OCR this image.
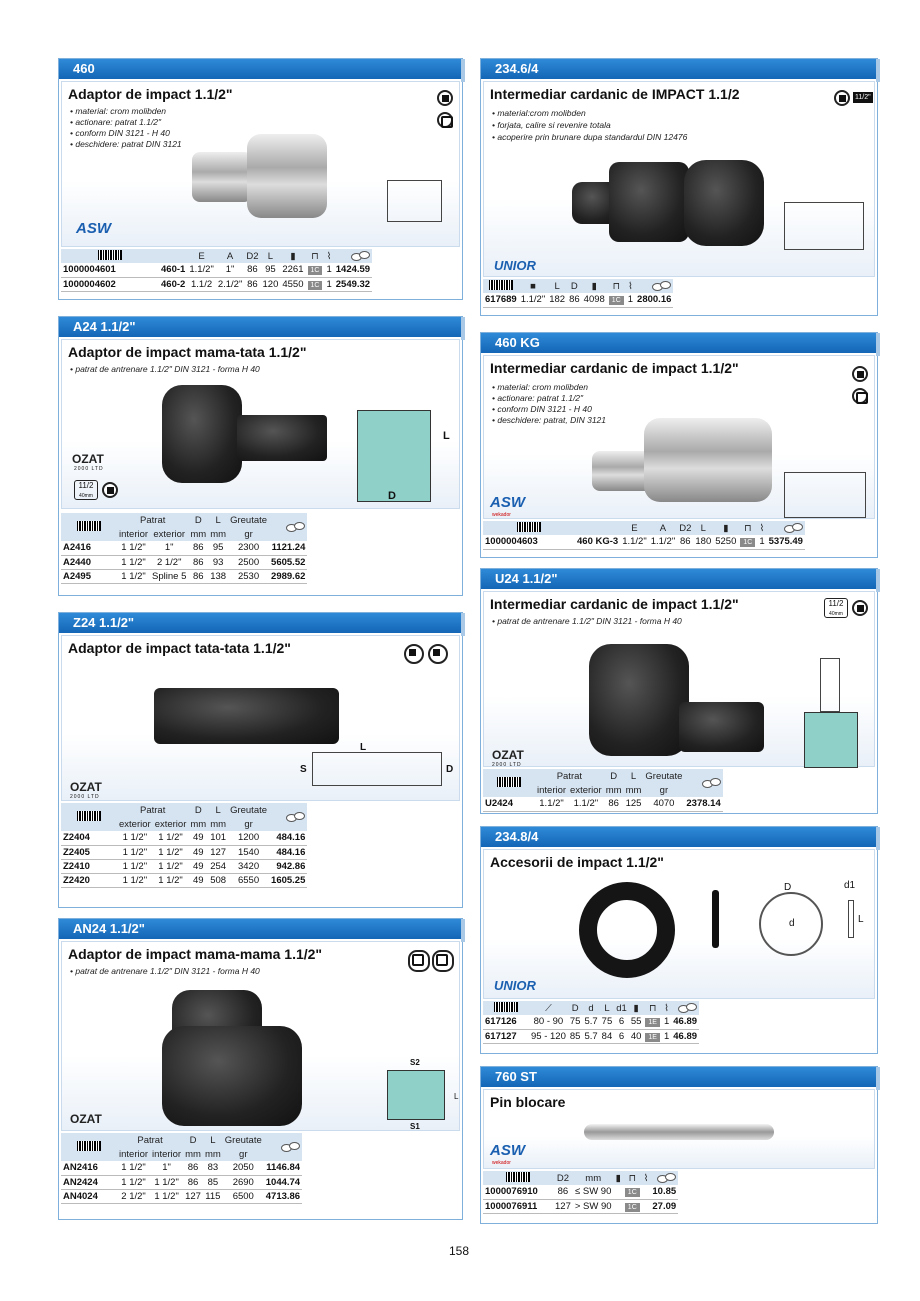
460
Adaptor de impact 1.1/2"
• material: crom molibden
• actionare: patrat 1.1/2"
• conform DIN 3121 - H 40
• deschidere: patrat DIN 3121
ASW
		E	A	D2	L	▮	⊓	⌇	
1000004601	460-1	1.1/2"	1"	86	95	2261	1C	1	1424.59
1000004602	460-2	1.1/2	2.1/2"	86	120	4550	1C	1	2549.32
234.6/4
Intermediar cardanic de IMPACT 1.1/2
• material:crom molibden
• forjata, calire si revenire totala
• acoperire prin brunare dupa standardul DIN 12476
11/2"
UNIOR
	■	L	D	▮	⊓	⌇	
617689	1.1/2"	182	86	4098	1C	1	2800.16
A24 1.1/2"
Adaptor de impact mama-tata 1.1/2"
• patrat de antrenare 1.1/2" DIN 3121 - forma H 40
L
D
OZAT
2000 LTD
11/2
40mm
	Patrat		D	L	Greutate	
	interior	exterior	mm	mm	gr	
A2416	1 1/2"	1"	86	95	2300	1121.24
A2440	1 1/2"	2 1/2"	86	93	2500	5605.52
A2495	1 1/2"	Spline 5	86	138	2530	2989.62
460 KG
Intermediar cardanic de impact 1.1/2"
• material: crom molibden
• actionare: patrat 1.1/2"
• conform DIN 3121 - H 40
• deschidere: patrat, DIN 3121
ASW
wekador
		E	A	D2	L	▮	⊓	⌇	
1000004603	460 KG-3	1.1/2"	1.1/2"	86	180	5250	1C	1	5375.49
U24 1.1/2"
Intermediar cardanic de impact 1.1/2"
• patrat de antrenare 1.1/2" DIN 3121 - forma H 40
11/2
40mm
OZAT
2000 LTD
	Patrat		D	L	Greutate	
	interior	exterior	mm	mm	gr	
U2424	1.1/2"	1.1/2"	86	125	4070	2378.14
Z24 1.1/2"
Adaptor de impact tata-tata 1.1/2"
L
S	D
OZAT
2000 LTD
	Patrat		D	L	Greutate	
	exterior	exterior	mm	mm	gr	
Z2404	1 1/2"	1 1/2"	49	101	1200	484.16
Z2405	1 1/2"	1 1/2"	49	127	1540	484.16
Z2410	1 1/2"	1 1/2"	49	254	3420	942.86
Z2420	1 1/2"	1 1/2"	49	508	6550	1605.25
234.8/4
Accesorii de impact 1.1/2"
D
d
d1
L
UNIOR
	⟋	D	d	L	d1	▮	⊓	⌇	
617126	80 - 90	75	5.7	75	6	55	1E	1	46.89
617127	95 - 120	85	5.7	84	6	40	1E	1	46.89
AN24 1.1/2"
Adaptor de impact mama-mama 1.1/2"
• patrat de antrenare 1.1/2" DIN 3121 - forma H 40
S2
S1
L
OZAT
	Patrat		D	L	Greutate	
	interior	interior	mm	mm	gr	
AN2416	1 1/2"	1"	86	83	2050	1146.84
AN2424	1 1/2"	1 1/2"	86	85	2690	1044.74
AN4024	2 1/2"	1 1/2"	127	115	6500	4713.86
760 ST
Pin blocare
ASW
wekador
	D2	mm	▮	⊓	⌇	
1000076910	86	≤ SW 90		1C		10.85
1000076911	127	> SW 90		1C		27.09
158
